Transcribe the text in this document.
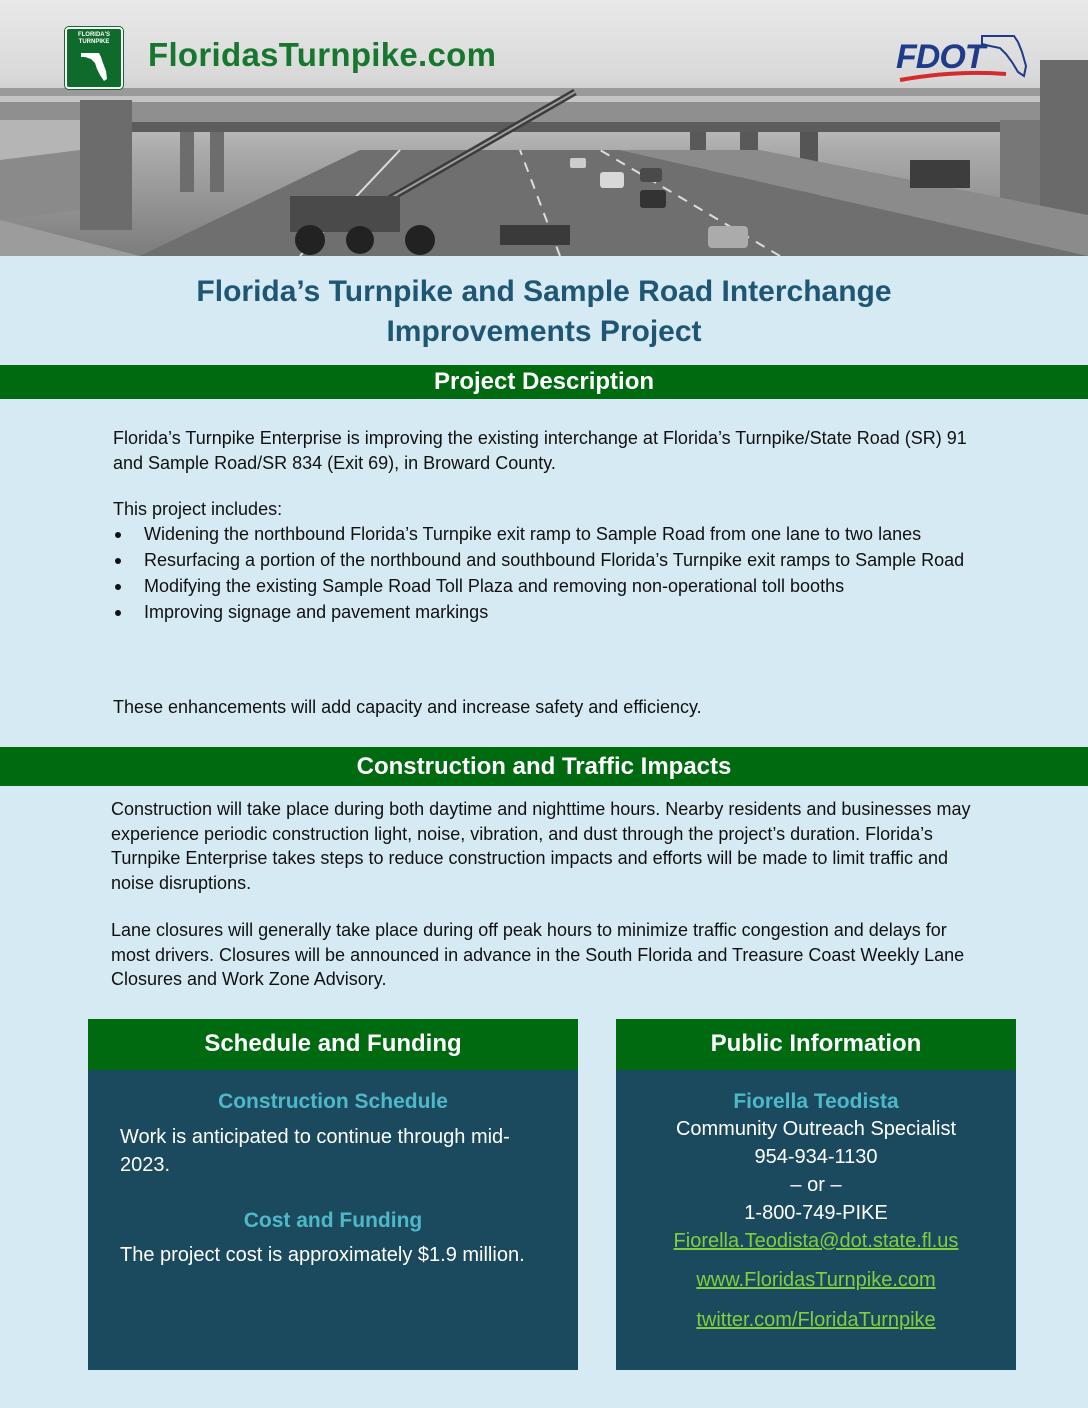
FLORIDA'S TURNPIKE	FloridasTurnpike.com	FDOT
Florida’s Turnpike and Sample Road Interchange
Improvements Project
Project Description
Florida’s Turnpike Enterprise is improving the existing interchange at Florida’s Turnpike/State Road (SR) 91 and Sample Road/SR 834 (Exit 69), in Broward County.
This project includes:
Widening the northbound Florida’s Turnpike exit ramp to Sample Road from one lane to two lanes
Resurfacing a portion of the northbound and southbound Florida’s Turnpike exit ramps to Sample Road
Modifying the existing Sample Road Toll Plaza and removing non-operational toll booths
Improving signage and pavement markings
These enhancements will add capacity and increase safety and efficiency.
Construction and Traffic Impacts
Construction will take place during both daytime and nighttime hours. Nearby residents and businesses may experience periodic construction light, noise, vibration, and dust through the project’s duration. Florida’s Turnpike Enterprise takes steps to reduce construction impacts and efforts will be made to limit traffic and noise disruptions.
Lane closures will generally take place during off peak hours to minimize traffic congestion and delays for most drivers. Closures will be announced in advance in the South Florida and Treasure Coast Weekly Lane Closures and Work Zone Advisory.
Schedule and Funding
Construction Schedule
Work is anticipated to continue through mid-2023.
Cost and Funding
The project cost is approximately $1.9 million.
Public Information
Fiorella Teodista
Community Outreach Specialist
954-934-1130
– or –
1-800-749-PIKE
Fiorella.Teodista@dot.state.fl.us
www.FloridasTurnpike.com
twitter.com/FloridaTurnpike
